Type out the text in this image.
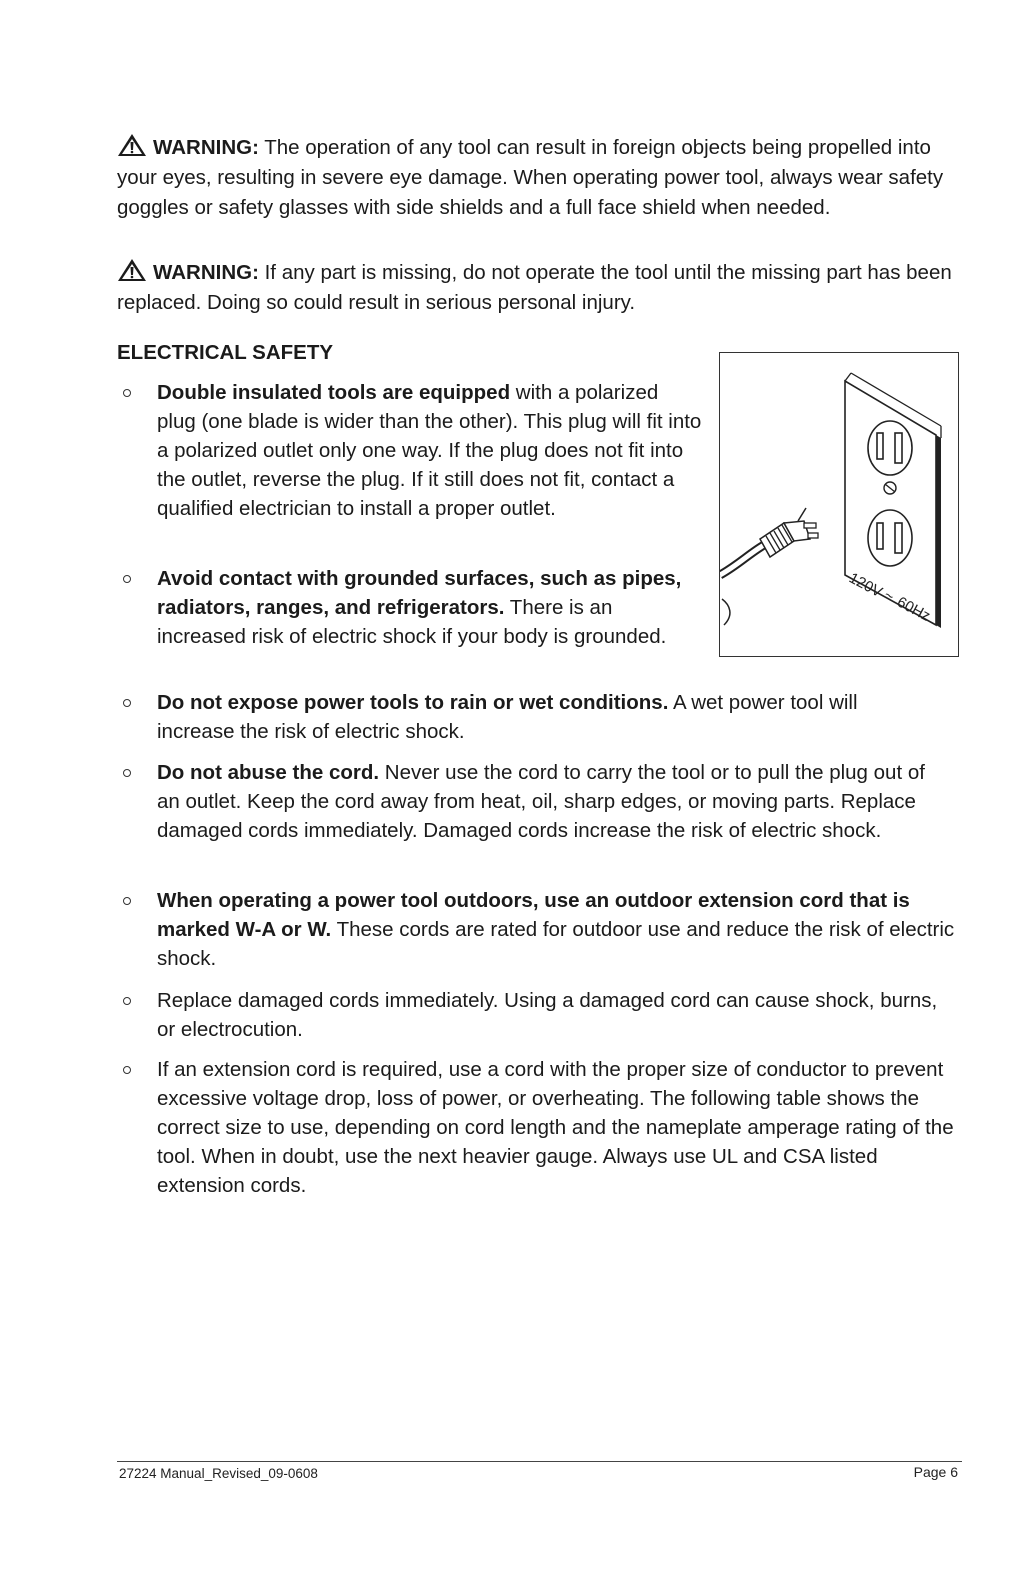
WARNING: The operation of any tool can result in foreign objects being propelled into your eyes, resulting in severe eye damage. When operating power tool, always wear safety goggles or safety glasses with side shields and a full face shield when needed.
WARNING: If any part is missing, do not operate the tool until the missing part has been replaced. Doing so could result in serious personal injury.
ELECTRICAL SAFETY
120V
~
60Hz
Double insulated tools are equipped with a polarized plug (one blade is wider than the other). This plug will fit into a polarized outlet only one way. If the plug does not fit into the outlet, reverse the plug. If it still does not fit, contact a qualified electrician to install a proper outlet.
Avoid contact with grounded surfaces, such as pipes, radiators, ranges, and refrigerators. There is an increased risk of electric shock if your body is grounded.
Do not expose power tools to rain or wet conditions. A wet power tool will increase the risk of electric shock.
Do not abuse the cord. Never use the cord to carry the tool or to pull the plug out of an outlet. Keep the cord away from heat, oil, sharp edges, or moving parts. Replace damaged cords immediately. Damaged cords increase the risk of electric shock.
When operating a power tool outdoors, use an outdoor extension cord that is marked W-A or W. These cords are rated for outdoor use and reduce the risk of electric shock.
Replace damaged cords immediately. Using a damaged cord can cause shock, burns, or electrocution.
If an extension cord is required, use a cord with the proper size of conductor to prevent excessive voltage drop, loss of power, or overheating. The following table shows the correct size to use, depending on cord length and the nameplate amperage rating of the tool. When in doubt, use the next heavier gauge. Always use UL and CSA listed extension cords.
27224 Manual_Revised_09-0608	Page 6
